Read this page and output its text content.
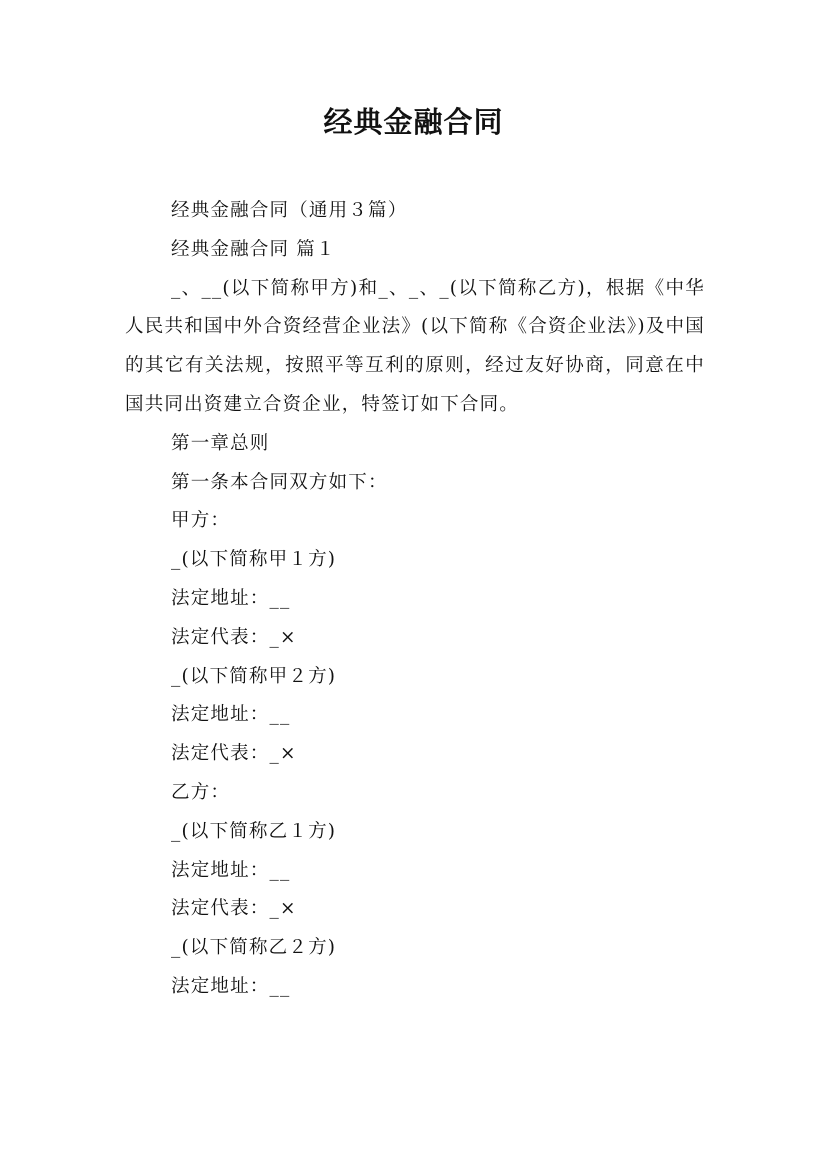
经典金融合同

经典金融合同（通用３篇）

经典金融合同 篇１

_、__(以下简称甲方)和_、_、_(以下简称乙方)，根据《中华人民共和国中外合资经营企业法》(以下简称《合资企业法》)及中国的其它有关法规，按照平等互利的原则，经过友好协商，同意在中国共同出资建立合资企业，特签订如下合同。

第一章总则

第一条本合同双方如下：

甲方：

_(以下简称甲１方)

法定地址：__

法定代表：_×

_(以下简称甲２方)

法定地址：__

法定代表：_×

乙方：

_(以下简称乙１方)

法定地址：__

法定代表：_×

_(以下简称乙２方)

法定地址：__
